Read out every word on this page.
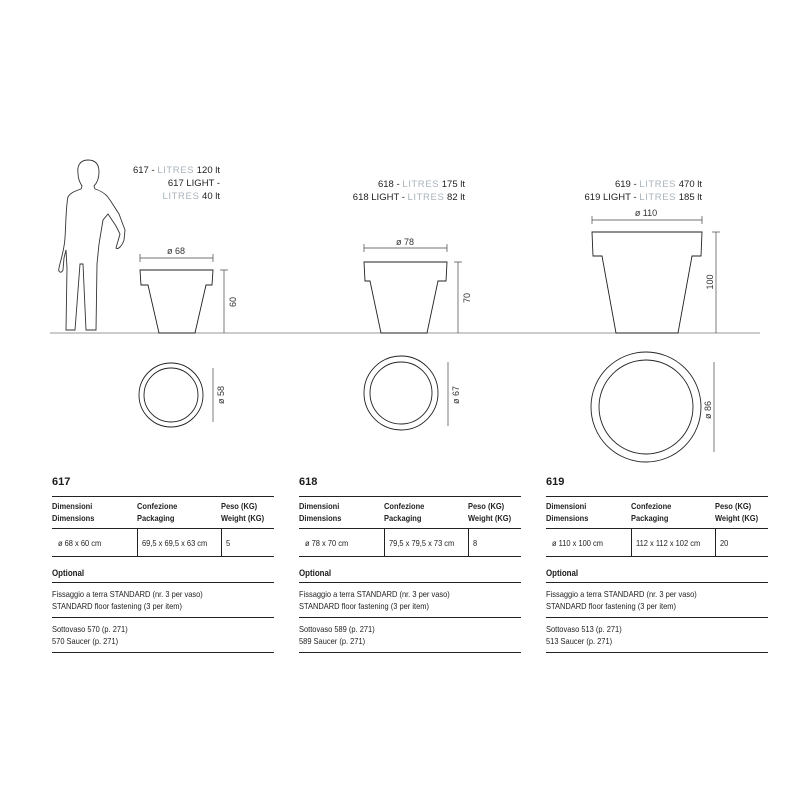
ø 68
60
ø 58
ø 78
70
ø 67
ø 110
100
ø 86
617 - LITRES 120 lt
617 LIGHT -
LITRES 40 lt
618 - LITRES 175 lt
618 LIGHT - LITRES 82 lt
619 - LITRES 470 lt
619 LIGHT - LITRES 185 lt
617
Dimensioni
Dimensions
Confezione
Packaging
Peso (KG)
Weight (KG)
ø 68 x 60 cm	69,5 x 69,5 x 63 cm 5
Optional
Fissaggio a terra STANDARD (nr. 3 per vaso)
STANDARD floor fastening (3 per item)
Sottovaso 570 (p. 271)
570 Saucer (p. 271)
618
Dimensioni
Dimensions
Confezione
Packaging
Peso (KG)
Weight (KG)
ø 78 x 70 cm	79,5 x 79,5 x 73 cm 8
Optional
Fissaggio a terra STANDARD (nr. 3 per vaso)
STANDARD floor fastening (3 per item)
Sottovaso 589 (p. 271)
589 Saucer (p. 271)
619
Dimensioni
Dimensions
Confezione
Packaging
Peso (KG)
Weight (KG)
ø 110 x 100 cm	112 x 112 x 102 cm 20
Optional
Fissaggio a terra STANDARD (nr. 3 per vaso)
STANDARD floor fastening (3 per item)
Sottovaso 513 (p. 271)
513 Saucer (p. 271)
